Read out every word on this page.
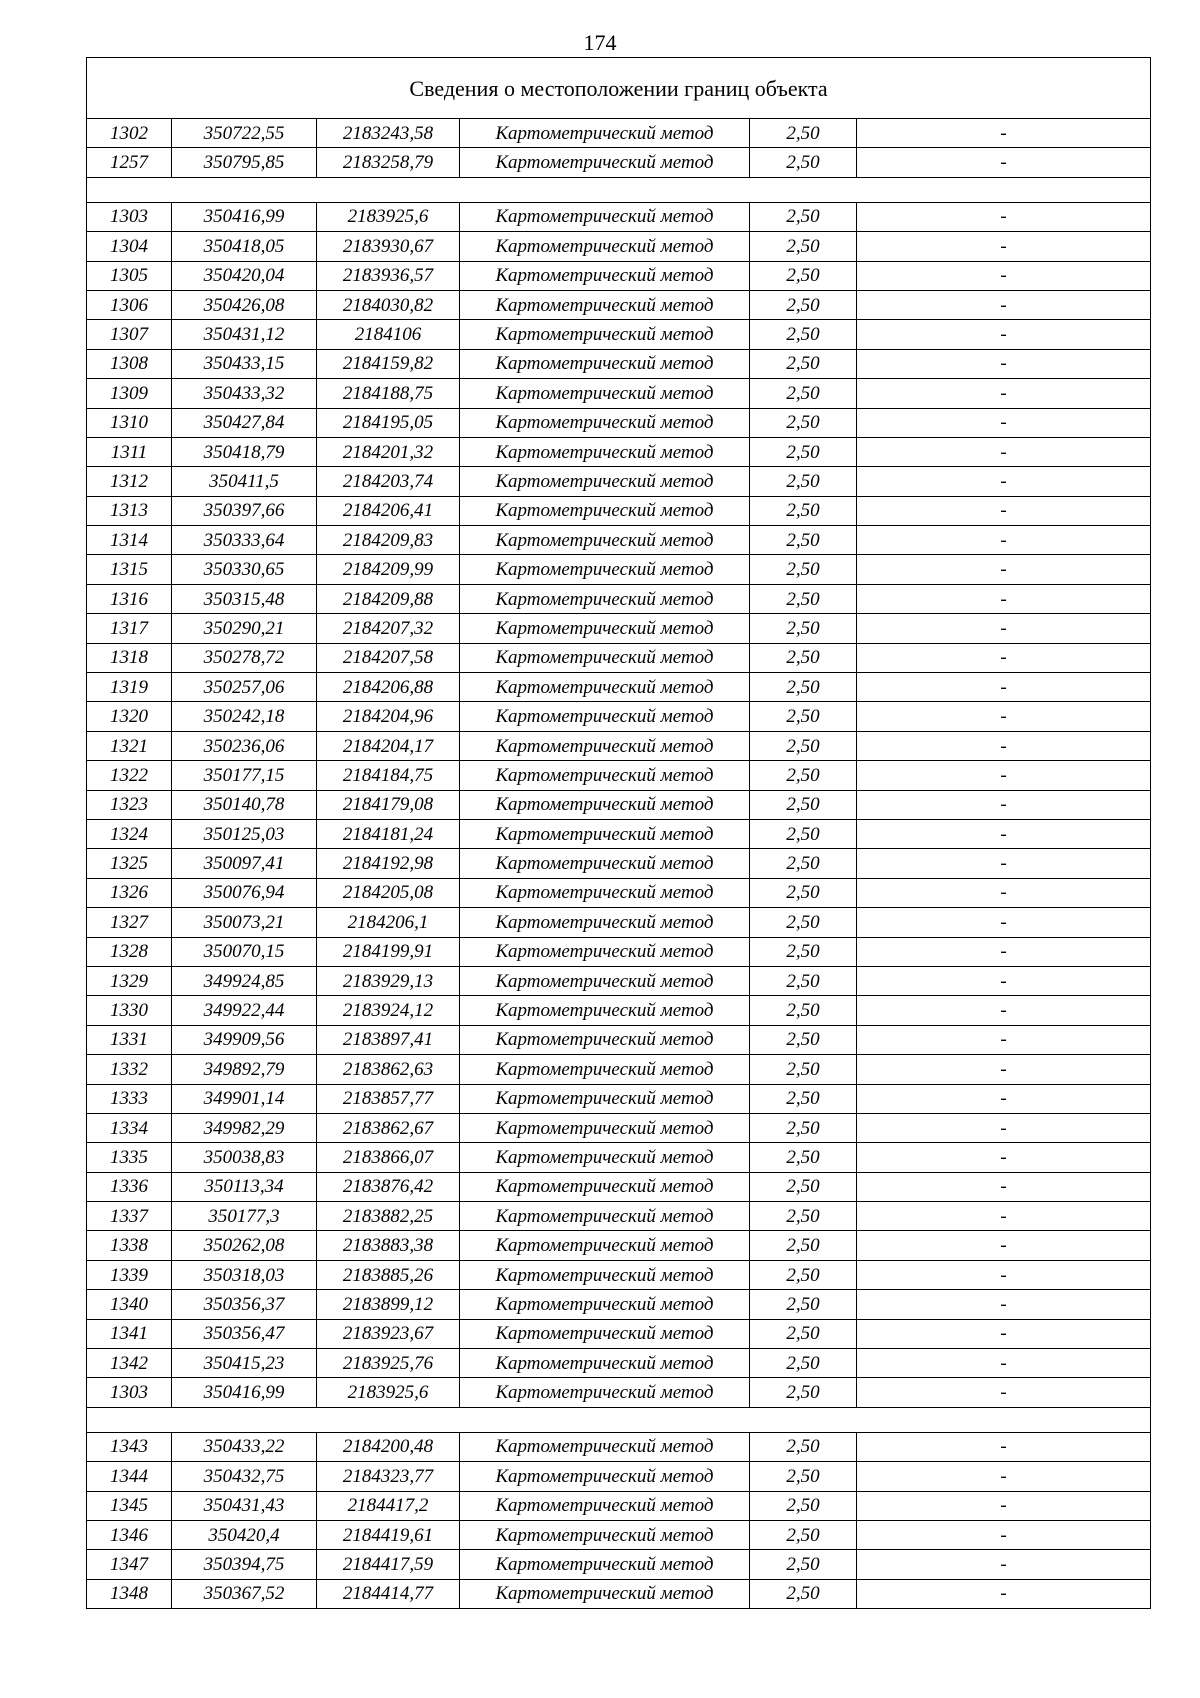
174
Сведения о местоположении границ объекта					
1302	350722,55	2183243,58	Картометрический метод	2,50	-
1257	350795,85	2183258,79	Картометрический метод	2,50	-

1303	350416,99	2183925,6	Картометрический метод	2,50	-
1304	350418,05	2183930,67	Картометрический метод	2,50	-
1305	350420,04	2183936,57	Картометрический метод	2,50	-
1306	350426,08	2184030,82	Картометрический метод	2,50	-
1307	350431,12	2184106	Картометрический метод	2,50	-
1308	350433,15	2184159,82	Картометрический метод	2,50	-
1309	350433,32	2184188,75	Картометрический метод	2,50	-
1310	350427,84	2184195,05	Картометрический метод	2,50	-
1311	350418,79	2184201,32	Картометрический метод	2,50	-
1312	350411,5	2184203,74	Картометрический метод	2,50	-
1313	350397,66	2184206,41	Картометрический метод	2,50	-
1314	350333,64	2184209,83	Картометрический метод	2,50	-
1315	350330,65	2184209,99	Картометрический метод	2,50	-
1316	350315,48	2184209,88	Картометрический метод	2,50	-
1317	350290,21	2184207,32	Картометрический метод	2,50	-
1318	350278,72	2184207,58	Картометрический метод	2,50	-
1319	350257,06	2184206,88	Картометрический метод	2,50	-
1320	350242,18	2184204,96	Картометрический метод	2,50	-
1321	350236,06	2184204,17	Картометрический метод	2,50	-
1322	350177,15	2184184,75	Картометрический метод	2,50	-
1323	350140,78	2184179,08	Картометрический метод	2,50	-
1324	350125,03	2184181,24	Картометрический метод	2,50	-
1325	350097,41	2184192,98	Картометрический метод	2,50	-
1326	350076,94	2184205,08	Картометрический метод	2,50	-
1327	350073,21	2184206,1	Картометрический метод	2,50	-
1328	350070,15	2184199,91	Картометрический метод	2,50	-
1329	349924,85	2183929,13	Картометрический метод	2,50	-
1330	349922,44	2183924,12	Картометрический метод	2,50	-
1331	349909,56	2183897,41	Картометрический метод	2,50	-
1332	349892,79	2183862,63	Картометрический метод	2,50	-
1333	349901,14	2183857,77	Картометрический метод	2,50	-
1334	349982,29	2183862,67	Картометрический метод	2,50	-
1335	350038,83	2183866,07	Картометрический метод	2,50	-
1336	350113,34	2183876,42	Картометрический метод	2,50	-
1337	350177,3	2183882,25	Картометрический метод	2,50	-
1338	350262,08	2183883,38	Картометрический метод	2,50	-
1339	350318,03	2183885,26	Картометрический метод	2,50	-
1340	350356,37	2183899,12	Картометрический метод	2,50	-
1341	350356,47	2183923,67	Картометрический метод	2,50	-
1342	350415,23	2183925,76	Картометрический метод	2,50	-
1303	350416,99	2183925,6	Картометрический метод	2,50	-

1343	350433,22	2184200,48	Картометрический метод	2,50	-
1344	350432,75	2184323,77	Картометрический метод	2,50	-
1345	350431,43	2184417,2	Картометрический метод	2,50	-
1346	350420,4	2184419,61	Картометрический метод	2,50	-
1347	350394,75	2184417,59	Картометрический метод	2,50	-
1348	350367,52	2184414,77	Картометрический метод	2,50	-
